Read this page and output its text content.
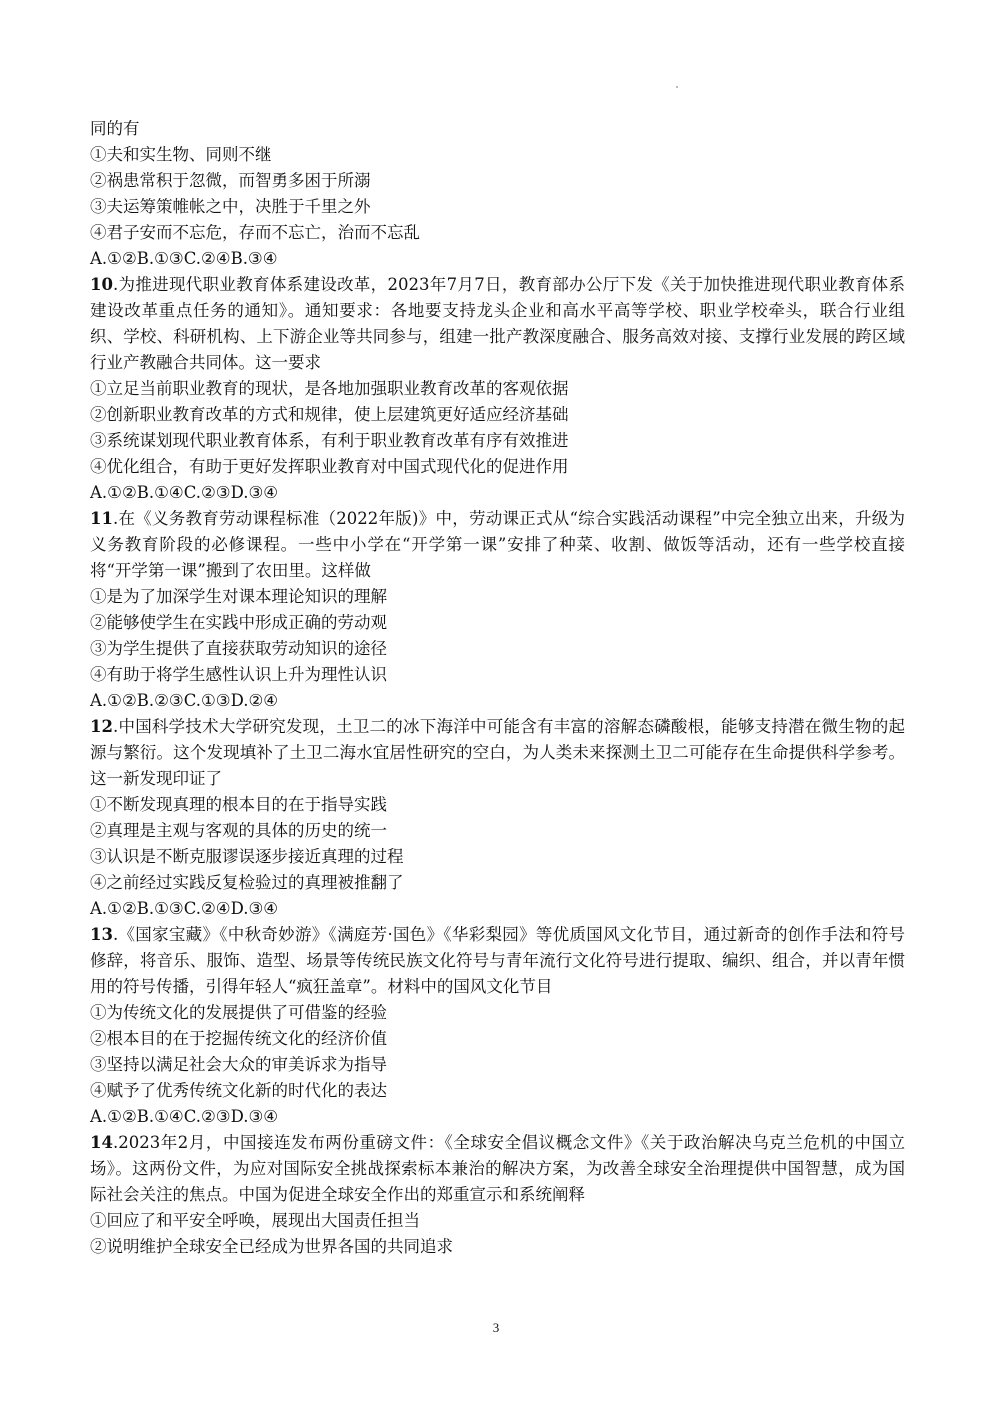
同的有
①夫和实生物、同则不继
②祸患常积于忽微，而智勇多困于所溺
③夫运筹策帷帐之中，决胜于千里之外
④君子安而不忘危，存而不忘亡，治而不忘乱
A.①②B.①③C.②④B.③④
10.为推进现代职业教育体系建设改革，2023年7月7日，教育部办公厅下发《关于加快推进现代职业教育体系建设改革重点任务的通知》。通知要求：各地要支持龙头企业和高水平高等学校、职业学校牵头，联合行业组织、学校、科研机构、上下游企业等共同参与，组建一批产教深度融合、服务高效对接、支撑行业发展的跨区域行业产教融合共同体。这一要求
①立足当前职业教育的现状，是各地加强职业教育改革的客观依据
②创新职业教育改革的方式和规律，使上层建筑更好适应经济基础
③系统谋划现代职业教育体系，有利于职业教育改革有序有效推进
④优化组合，有助于更好发挥职业教育对中国式现代化的促进作用
A.①②B.①④C.②③D.③④
11.在《义务教育劳动课程标准（2022年版)》中，劳动课正式从“综合实践活动课程”中完全独立出来，升级为义务教育阶段的必修课程。一些中小学在“开学第一课”安排了种菜、收割、做饭等活动，还有一些学校直接将“开学第一课”搬到了农田里。这样做
①是为了加深学生对课本理论知识的理解
②能够使学生在实践中形成正确的劳动观
③为学生提供了直接获取劳动知识的途径
④有助于将学生感性认识上升为理性认识
A.①②B.②③C.①③D.②④
12.中国科学技术大学研究发现，土卫二的冰下海洋中可能含有丰富的溶解态磷酸根，能够支持潜在微生物的起源与繁衍。这个发现填补了土卫二海水宜居性研究的空白，为人类未来探测土卫二可能存在生命提供科学参考。这一新发现印证了
①不断发现真理的根本目的在于指导实践
②真理是主观与客观的具体的历史的统一
③认识是不断克服谬误逐步接近真理的过程
④之前经过实践反复检验过的真理被推翻了
A.①②B.①③C.②④D.③④
13.《国家宝藏》《中秋奇妙游》《满庭芳·国色》《华彩梨园》等优质国风文化节目，通过新奇的创作手法和符号修辞，将音乐、服饰、造型、场景等传统民族文化符号与青年流行文化符号进行提取、编织、组合，并以青年惯用的符号传播，引得年轻人“疯狂盖章”。材料中的国风文化节目
①为传统文化的发展提供了可借鉴的经验
②根本目的在于挖掘传统文化的经济价值
③坚持以满足社会大众的审美诉求为指导
④赋予了优秀传统文化新的时代化的表达
A.①②B.①④C.②③D.③④
14.2023年2月，中国接连发布两份重磅文件：《全球安全倡议概念文件》《关于政治解决乌克兰危机的中国立场》。这两份文件，为应对国际安全挑战探索标本兼治的解决方案，为改善全球安全治理提供中国智慧，成为国际社会关注的焦点。中国为促进全球安全作出的郑重宣示和系统阐释
①回应了和平安全呼唤，展现出大国责任担当
②说明维护全球安全已经成为世界各国的共同追求
3
